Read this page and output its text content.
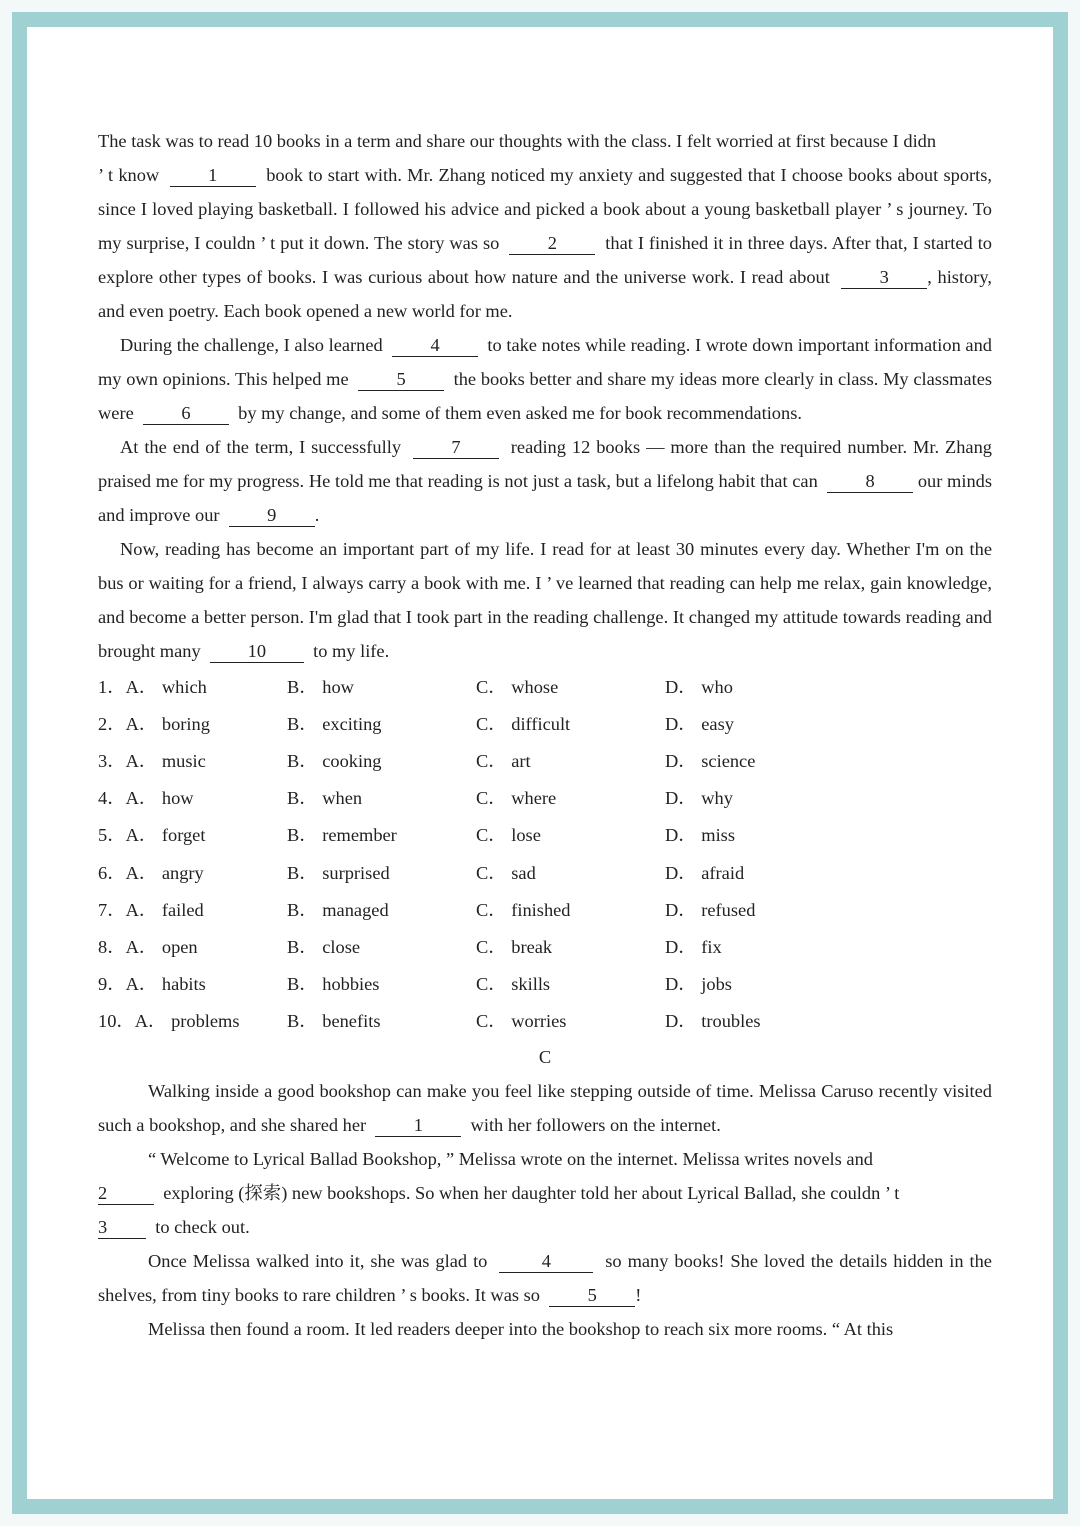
The task was to read 10 books in a term and share our thoughts with the class. I felt worried at first because I didn
’ t know	1	book to start with. Mr. Zhang noticed my anxiety and suggested that I choose books about sports, since I loved playing basketball. I followed his advice and picked a book about a young basketball player ’ s journey. To my surprise, I couldn ’ t put it down. The story was so	2	that I finished it in three days. After that, I started to explore other types of books. I was curious about how nature and the universe work. I read about	3 , history, and even poetry. Each book opened a new world for me.

During the challenge, I also learned	4	to take notes while reading. I wrote down important information and my own opinions. This helped me	5	the books better and share my ideas more clearly in class. My classmates were	6	by my change, and some of them even asked me for book recommendations.

At the end of the term, I successfully	7	reading 12 books — more than the required number. Mr. Zhang praised me for my progress. He told me that reading is not just a task, but a lifelong habit that can	8 our minds and improve our	9 .

Now, reading has become an important part of my life. I read for at least 30 minutes every day. Whether I'm on the bus or waiting for a friend, I always carry a book with me. I ’ ve learned that reading can help me relax, gain knowledge, and become a better person. I'm glad that I took part in the reading challenge. It changed my attitude towards reading and brought many	10	to my life.

1．A． which	B． how	C． whose	D． who
2．A． boring	B． exciting	C． difficult	D． easy
3．A． music	B． cooking	C． art	D． science
4．A． how	B． when	C． where	D． why
5．A． forget	B． remember	C． lose	D． miss
6．A． angry	B． surprised	C． sad	D． afraid
7．A． failed	B． managed	C． finished	D． refused
8．A． open	B． close	C． break	D． fix
9．A． habits	B． hobbies	C． skills	D． jobs
10．A． problems	B． benefits	C． worries	D． troubles
C

Walking inside a good bookshop can make you feel like stepping outside of time. Melissa Caruso recently visited such a bookshop, and she shared her	1	with her followers on the internet.

“ Welcome to Lyrical Ballad Bookshop, ” Melissa wrote on the internet. Melissa writes novels and
2	exploring (探索) new bookshops. So when her daughter told her about Lyrical Ballad, she couldn ’ t
3	to check out.

Once Melissa walked into it, she was glad to	4	so many books! She loved the details hidden in the shelves, from tiny books to rare children ’ s books. It was so	5 !

Melissa then found a room. It led readers deeper into the bookshop to reach six more rooms. “ At this
